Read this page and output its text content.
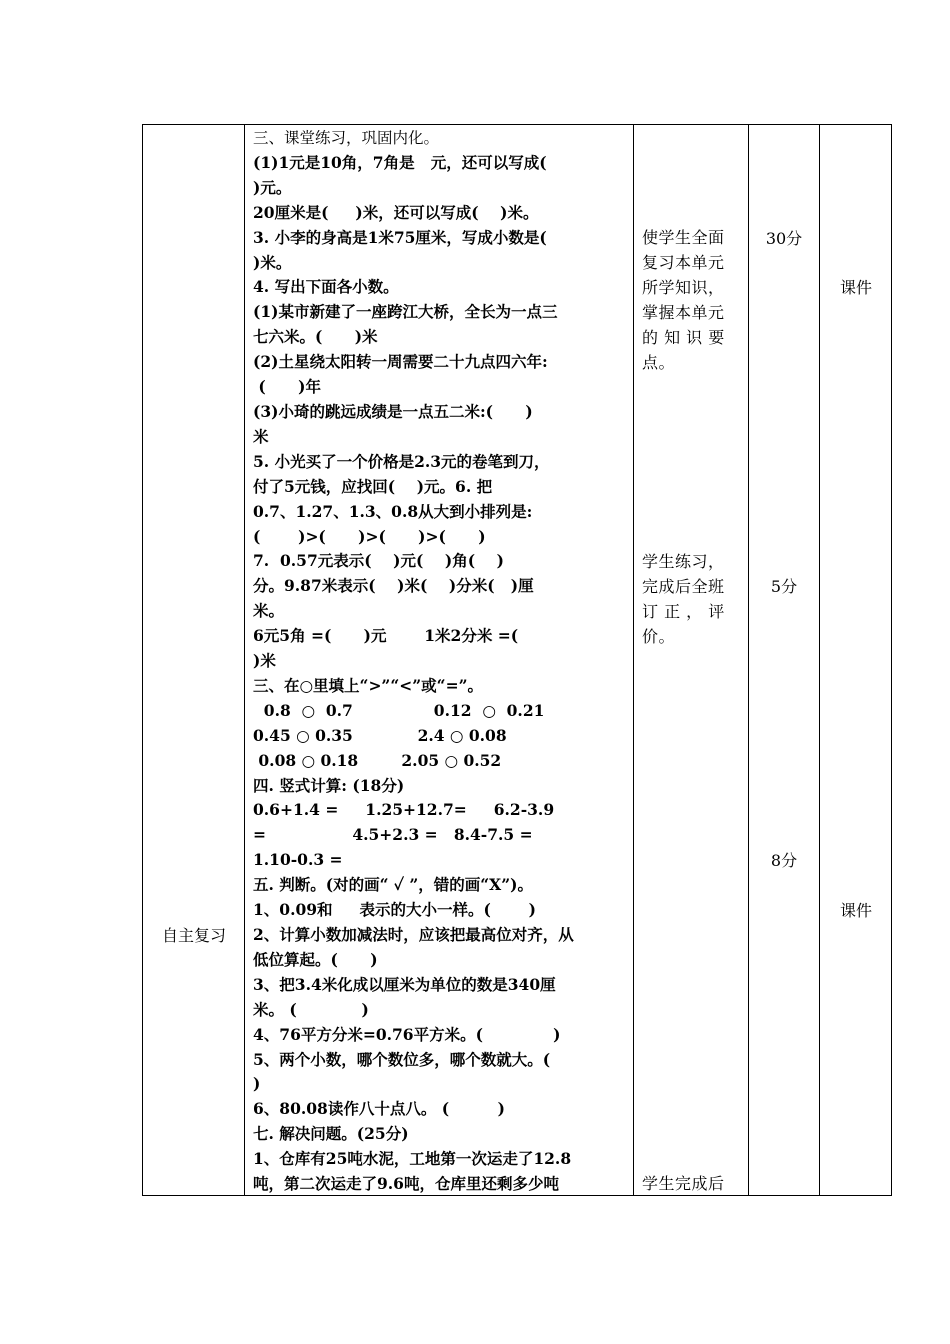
自主复习
三、课堂练习，巩固内化。
(1)1元是10角，7角是   元，还可以写成(
)元。
20厘米是(     )米，还可以写成(    )米。
3. 小李的身高是1米75厘米，写成小数是(
)米。
4. 写出下面各小数。
(1)某市新建了一座跨江大桥，全长为一点三
七六米。(      )米
(2)土星绕太阳转一周需要二十九点四六年:
(      )年
(3)小琦的跳远成绩是一点五二米:(      )
米
5. 小光买了一个价格是2.3元的卷笔到刀，
付了5元钱，应找回(    )元。6. 把
0.7、1.27、1.3、0.8从大到小排列是:
(       )>(      )>(      )>(      )
7.  0.57元表示(    )元(    )角(    )
分。9.87米表示(    )米(    )分米(   )厘
米。
6元5角 =(      )元       1米2分米 =(
)米
三、在○里填上“>”“<”或“=”。
0.8  ○  0.7               0.12  ○  0.21
0.45 ○ 0.35            2.4 ○ 0.08
0.08 ○ 0.18        2.05 ○ 0.52
四. 竖式计算: (18分)
0.6+1.4 =     1.25+12.7=     6.2-3.9
=                4.5+2.3 =   8.4-7.5 =
1.10-0.3 =
五. 判断。(对的画“ ✓ ”，错的画“X”)。
1、0.09和     表示的大小一样。(       )
2、计算小数加减法时，应该把最高位对齐，从
低位算起。(      )
3、把3.4米化成以厘米为单位的数是340厘
米。 (            )
4、76平方分米=0.76平方米。(             )
5、两个小数，哪个数位多，哪个数就大。(
)
6、80.08读作八十点八。 (         )
七. 解决问题。(25分)
1、仓库有25吨水泥，工地第一次运走了12.8
吨，第二次运走了9.6吨，仓库里还剩多少吨
使学生全面
复习本单元
所学知识，
掌握本单元
的 知 识 要
点。
学生练习，
完成后全班
订 正 ， 评
价。
学生完成后
30分
5分
8分
课件
课件
